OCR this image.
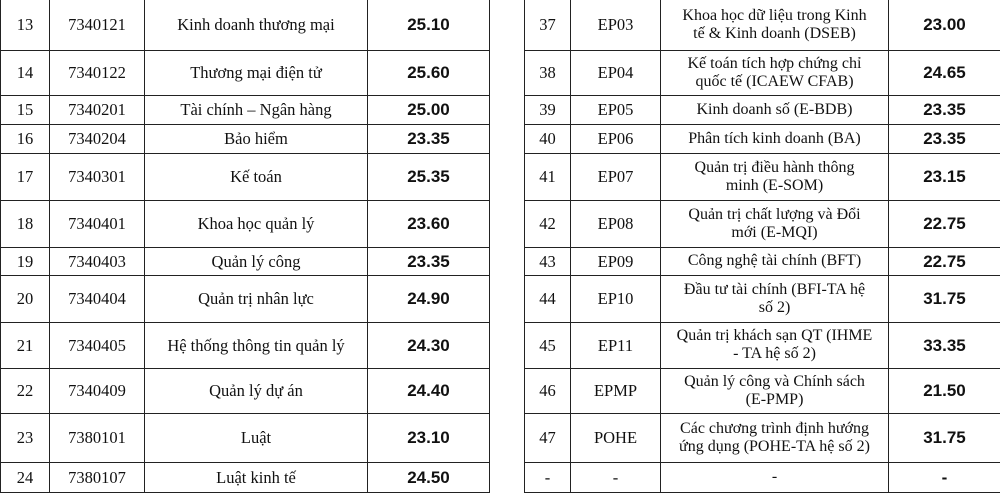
13	7340121	Kinh doanh thương mại	25.10
14	7340122	Thương mại điện tử	25.60
15	7340201	Tài chính – Ngân hàng	25.00
16	7340204	Bảo hiểm	23.35
17	7340301	Kế toán	25.35
18	7340401	Khoa học quản lý	23.60
19	7340403	Quản lý công	23.35
20	7340404	Quản trị nhân lực	24.90
21	7340405	Hệ thống thông tin quản lý	24.30
22	7340409	Quản lý dự án	24.40
23	7380101	Luật	23.10
24	7380107	Luật kinh tế	24.50
37	EP03	Khoa học dữ liệu trong Kinh
tế & Kinh doanh (DSEB)	23.00
38	EP04	Kế toán tích hợp chứng chỉ
quốc tế (ICAEW CFAB)	24.65
39	EP05	Kinh doanh số (E-BDB)	23.35
40	EP06	Phân tích kinh doanh (BA)	23.35
41	EP07	Quản trị điều hành thông
minh (E-SOM)	23.15
42	EP08	Quản trị chất lượng và Đổi
mới (E-MQI)	22.75
43	EP09	Công nghệ tài chính (BFT)	22.75
44	EP10	Đầu tư tài chính (BFI-TA hệ
số 2)	31.75
45	EP11	Quản trị khách sạn QT (IHME
- TA hệ số 2)	33.35
46	EPMP	Quản lý công và Chính sách
(E-PMP)	21.50
47	POHE	Các chương trình định hướng
ứng dụng (POHE-TA hệ số 2)	31.75
-	-	-	-
